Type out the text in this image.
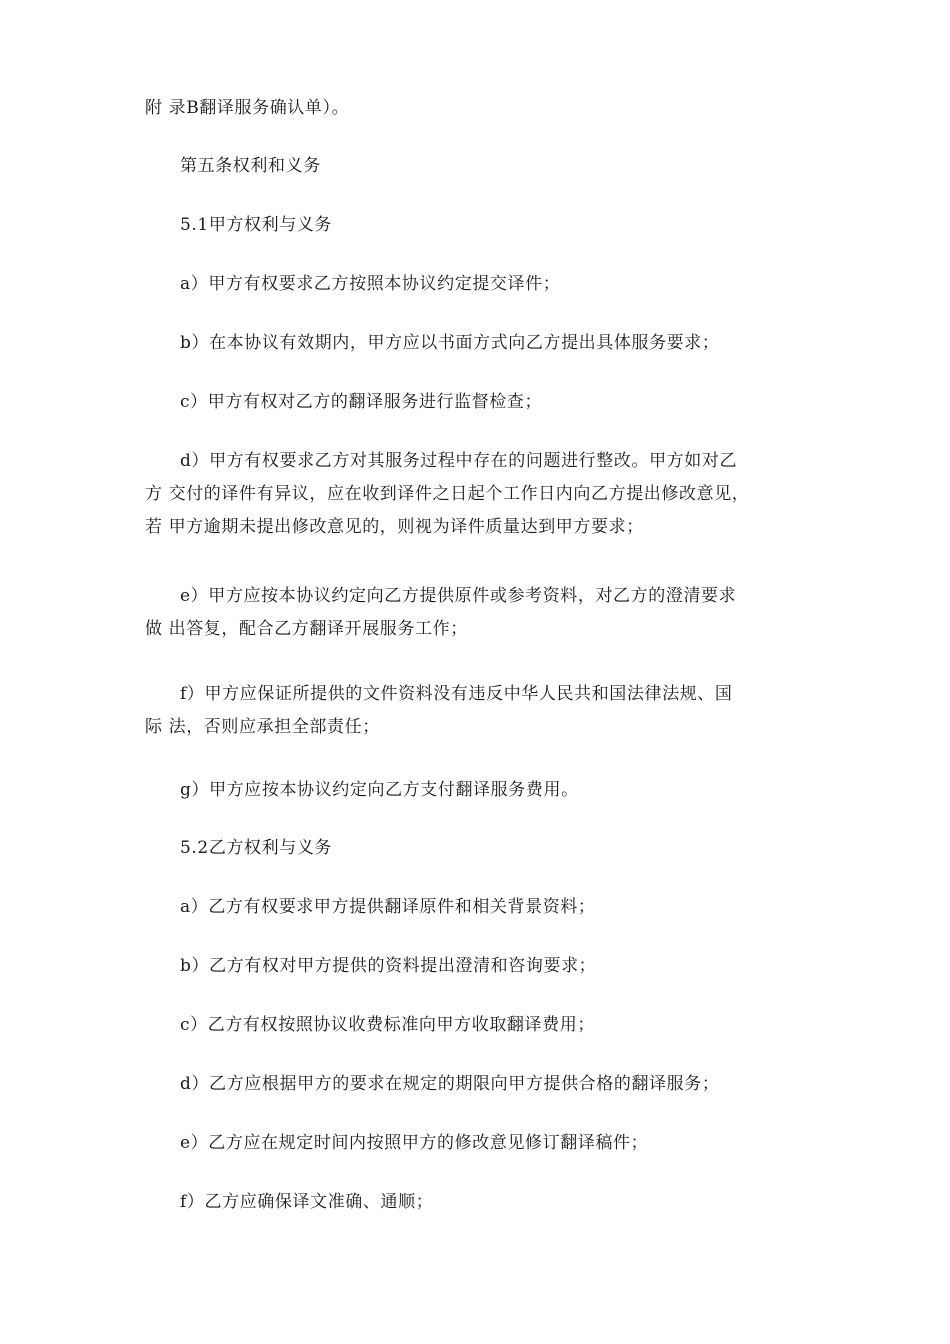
附 录B翻译服务确认单）。

第五条权利和义务

5.1甲方权利与义务

a）甲方有权要求乙方按照本协议约定提交译件；

b）在本协议有效期内，甲方应以书面方式向乙方提出具体服务要求；

c）甲方有权对乙方的翻译服务进行监督检查；

d）甲方有权要求乙方对其服务过程中存在的问题进行整改。甲方如对乙
方 交付的译件有异议，应在收到译件之日起个工作日内向乙方提出修改意见，
若 甲方逾期未提出修改意见的，则视为译件质量达到甲方要求；

e）甲方应按本协议约定向乙方提供原件或参考资料，对乙方的澄清要求
做 出答复，配合乙方翻译开展服务工作；

f）甲方应保证所提供的文件资料没有违反中华人民共和国法律法规、国
际 法，否则应承担全部责任；

g）甲方应按本协议约定向乙方支付翻译服务费用。

5.2乙方权利与义务

a）乙方有权要求甲方提供翻译原件和相关背景资料；

b）乙方有权对甲方提供的资料提出澄清和咨询要求；

c）乙方有权按照协议收费标准向甲方收取翻译费用；

d）乙方应根据甲方的要求在规定的期限向甲方提供合格的翻译服务；

e）乙方应在规定时间内按照甲方的修改意见修订翻译稿件；

f）乙方应确保译文准确、通顺；
